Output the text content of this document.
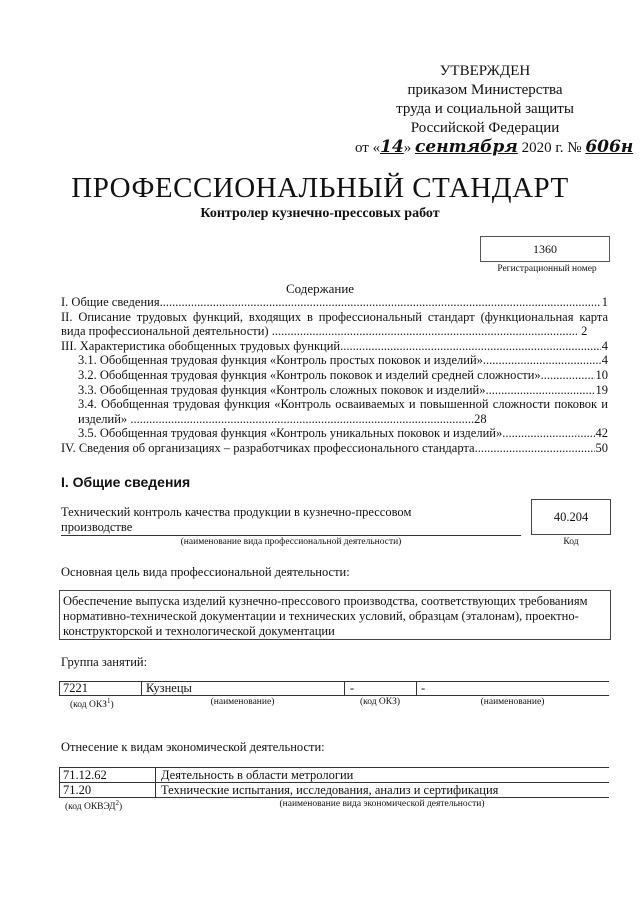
УТВЕРЖДЕН
приказом Министерства
труда и социальной защиты
Российской Федерации
от «14» сентября 2020 г. № 606н
ПРОФЕССИОНАЛЬНЫЙ СТАНДАРТ
Контролер кузнечно-прессовых работ
1360
Регистрационный номер
Содержание
I. Общие сведения .....	1
II. Описание трудовых функций, входящих в профессиональный стандарт (функциональная карта вида профессиональной деятельности) .................................................................................................. 2
III. Характеристика обобщенных трудовых функций .....	4
3.1. Обобщенная трудовая функция «Контроль простых поковок и изделий» .....	4
3.2. Обобщенная трудовая функция «Контроль поковок и изделий средней сложности» .....	10
3.3. Обобщенная трудовая функция «Контроль сложных поковок и изделий» .....	19
3.4. Обобщенная трудовая функция «Контроль осваиваемых и повышенной сложности поковок и изделий» ..............................................................................................................28
3.5. Обобщенная трудовая функция «Контроль уникальных поковок и изделий» .....	42
IV. Сведения об организациях – разработчиках профессионального стандарта .....	50
I. Общие сведения
Технический контроль качества продукции в кузнечно-прессовом производстве
(наименование вида профессиональной деятельности)
40.204
Код
Основная цель вида профессиональной деятельности:
Обеспечение выпуска изделий кузнечно-прессового производства, соответствующих требованиям нормативно-технической документации и технических условий, образцам (эталонам), проектно-конструкторской и технологической документации
Группа занятий:
7221	Кузнецы	-	-
(код ОКЗ$^1$)	(наименование)	(код ОКЗ)	(наименование)
Отнесение к видам экономической деятельности:
71.12.62	Деятельность в области метрологии
71.20	Технические испытания, исследования, анализ и сертификация
(код ОКВЭД$^2$)	(наименование вида экономической деятельности)
